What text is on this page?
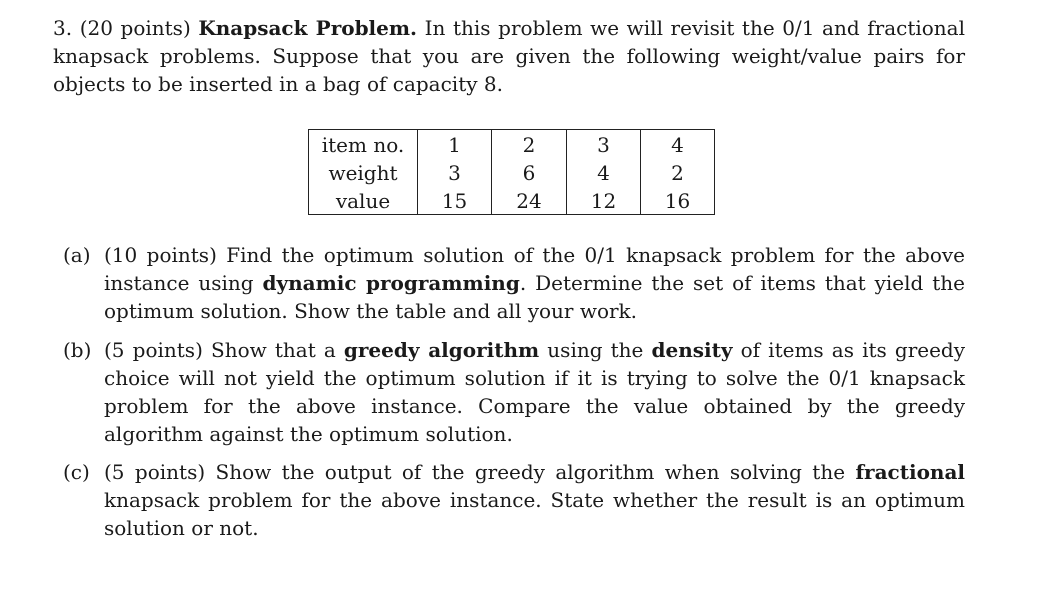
3. (20 points) Knapsack Problem. In this problem we will revisit the 0/1 and fractional knapsack problems. Suppose that you are given the following weight/value pairs for objects to be inserted in a bag of capacity 8.

item no.	1	2	3	4
weight	3	6	4	2
value	15	24	12	16
(a) (10 points) Find the optimum solution of the 0/1 knapsack problem for the above instance using dynamic programming. Determine the set of items that yield the optimum solution. Show the table and all your work.
(b) (5 points) Show that a greedy algorithm using the density of items as its greedy choice will not yield the optimum solution if it is trying to solve the 0/1 knapsack problem for the above instance. Compare the value obtained by the greedy algorithm against the optimum solution.
(c) (5 points) Show the output of the greedy algorithm when solving the fractional knapsack problem for the above instance. State whether the result is an optimum solution or not.
